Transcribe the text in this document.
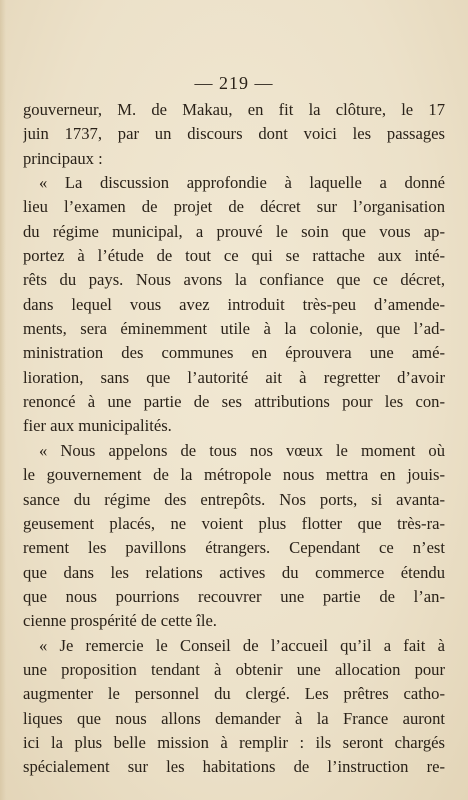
— 219 —
gouverneur, M. de Makau, en fit la clôture, le 17
juin 1737, par un discours dont voici les passages
principaux :
« La discussion approfondie à laquelle a donné
lieu l’examen de projet de décret sur l’organisation
du régime municipal, a prouvé le soin que vous ap-
portez à l’étude de tout ce qui se rattache aux inté-
rêts du pays. Nous avons la confiance que ce décret,
dans lequel vous avez introduit très-peu d’amende-
ments, sera éminemment utile à la colonie, que l’ad-
ministration des communes en éprouvera une amé-
lioration, sans que l’autorité ait à regretter d’avoir
renoncé à une partie de ses attributions pour les con-
fier aux municipalités.
« Nous appelons de tous nos vœux le moment où
le gouvernement de la métropole nous mettra en jouis-
sance du régime des entrepôts. Nos ports, si avanta-
geusement placés, ne voient plus flotter que très-ra-
rement les pavillons étrangers. Cependant ce n’est
que dans les relations actives du commerce étendu
que nous pourrions recouvrer une partie de l’an-
cienne prospérité de cette île.
« Je remercie le Conseil de l’accueil qu’il a fait à
une proposition tendant à obtenir une allocation pour
augmenter le personnel du clergé. Les prêtres catho-
liques que nous allons demander à la France auront
ici la plus belle mission à remplir : ils seront chargés
spécialement sur les habitations de l’instruction re-
